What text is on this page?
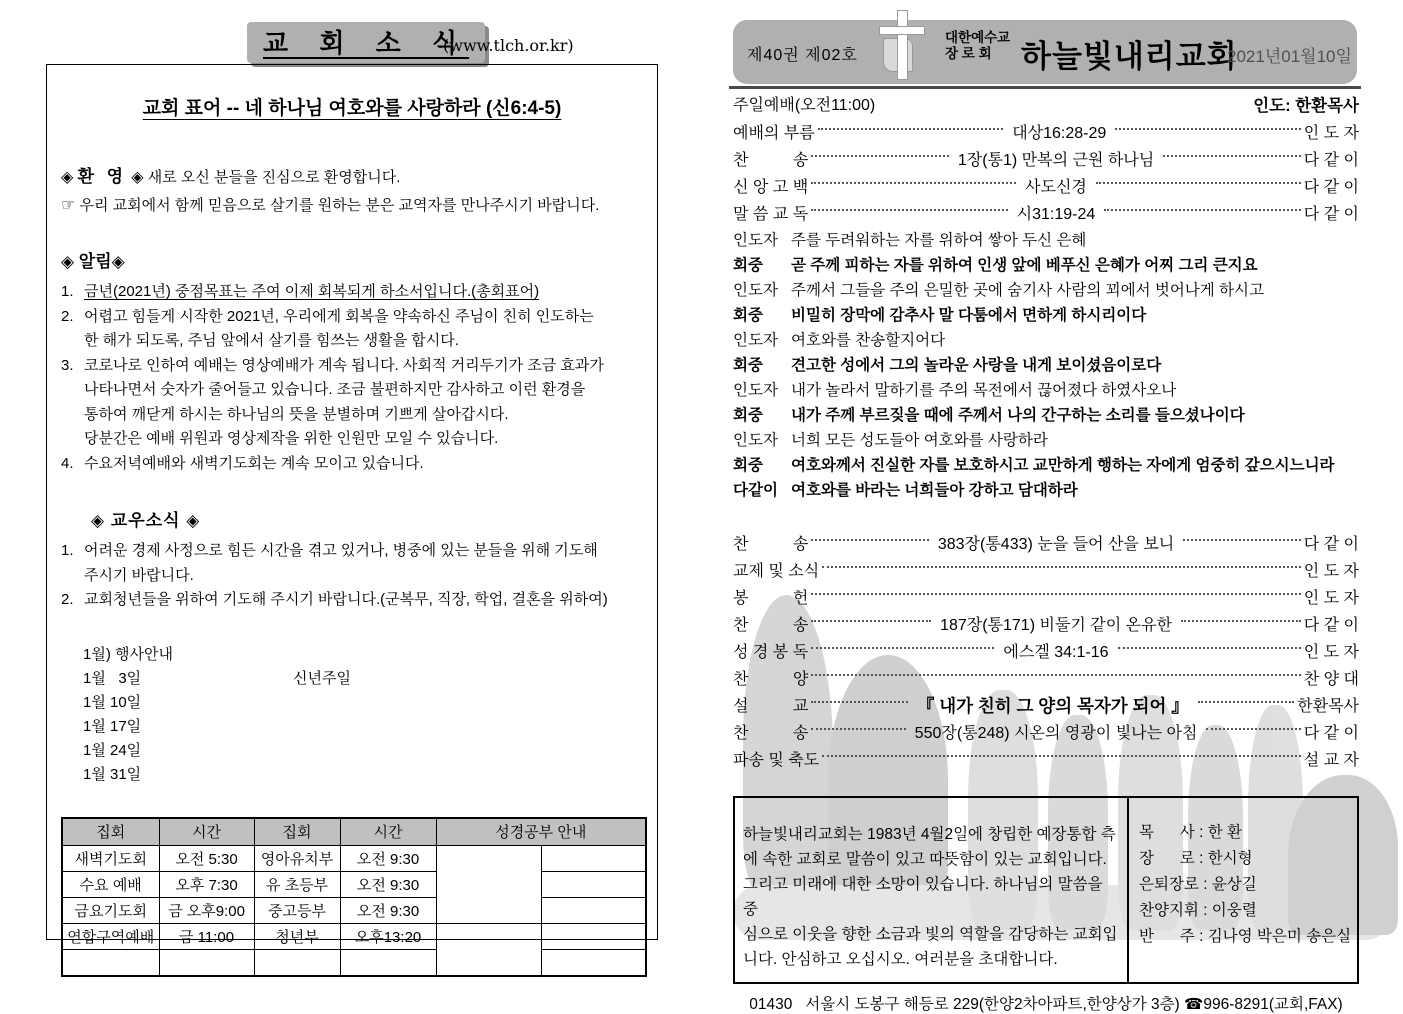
교 회 소 식
(www.tlch.or.kr)
교회 표어 -- 네 하나님 여호와를 사랑하라 (신6:4-5)
◈ 환 영 ◈ 새로 오신 분들을 진심으로 환영합니다.
☞ 우리 교회에서 함께 믿음으로 살기를 원하는 분은 교역자를 만나주시기 바랍니다.
◈ 알림◈
1. 금년(2021년) 중점목표는 주여 이제 회복되게 하소서입니다.(총회표어)
2. 어렵고 힘들게 시작한 2021년, 우리에게 회복을 약속하신 주님이 친히 인도하는
한 해가 되도록, 주님 앞에서 살기를 힘쓰는 생활을 합시다.
3. 코로나로 인하여 예배는 영상예배가 계속 됩니다. 사회적 거리두기가 조금 효과가
나타나면서 숫자가 줄어들고 있습니다. 조금 불편하지만 감사하고 이런 환경을
통하여 깨닫게 하시는 하나님의 뜻을 분별하며 기쁘게 살아갑시다.
당분간은 예배 위원과 영상제작을 위한 인원만 모일 수 있습니다.
4. 수요저녁예배와 새벽기도회는 계속 모이고 있습니다.
◈ 교우소식 ◈
1. 어려운 경제 사정으로 힘든 시간을 겪고 있거나, 병중에 있는 분들을 위해 기도해
주시기 바랍니다.
2. 교회청년들을 위하여 기도해 주시기 바랍니다.(군복무, 직장, 학업, 결혼을 위하여)
1월) 행사안내
1월   3일	신년주일
1월 10일
1월 17일
1월 24일
1월 31일
집회	시간	집회	시간	성경공부 안내	
새벽기도회	오전 5:30	영아유치부	오전 9:30		
수요 예배	오후 7:30	유 초등부	오전 9:30		
금요기도회	금 오후9:00	중고등부	오전 9:30		
연합구역예배	금 11:00	청년부	오후13:20		

제40권 제02호
대한예수교
장 로 회 하늘빛내리교회
2021년01월10일
주일예배(오전11:00)	인도: 한환목사
예배의 부름	대상16:28-29	인 도 자
찬          송	1장(통1) 만복의 근원 하나님	다 같 이
신 앙 고 백	사도신경	다 같 이
말 씀 교 독	시31:19-24	다 같 이
인도자 주를 두려워하는 자를 위하여 쌓아 두신 은혜
회중	곧 주께 피하는 자를 위하여 인생 앞에 베푸신 은혜가 어찌 그리 큰지요
인도자 주께서 그들을 주의 은밀한 곳에 숨기사 사람의 꾀에서 벗어나게 하시고
회중	비밀히 장막에 감추사 말 다툼에서 면하게 하시리이다
인도자 여호와를 찬송할지어다
회중	견고한 성에서 그의 놀라운 사랑을 내게 보이셨음이로다
인도자 내가 놀라서 말하기를 주의 목전에서 끊어졌다 하였사오나
회중	내가 주께 부르짖을 때에 주께서 나의 간구하는 소리를 들으셨나이다
인도자 너희 모든 성도들아 여호와를 사랑하라
회중	여호와께서 진실한 자를 보호하시고 교만하게 행하는 자에게 엄중히 갚으시느니라
다같이 여호와를 바라는 너희들아 강하고 담대하라
찬          송	383장(통433) 눈을 들어 산을 보니	다 같 이
교제 및 소식	인 도 자
봉          헌	인 도 자
찬          송	187장(통171) 비둘기 같이 온유한	다 같 이
성 경 봉 독	에스겔 34:1-16	인 도 자
찬          양	찬 양 대
설          교	『 내가 친히 그 양의 목자가 되어 』	한환목사
찬          송	550장(통248) 시온의 영광이 빛나는 아침	다 같 이
파송 및 축도	설 교 자
하늘빛내리교회는 1983년 4월2일에 창립한 예장통합 측
에 속한 교회로 말씀이 있고 따뜻함이 있는 교회입니다.
그리고 미래에 대한 소망이 있습니다. 하나님의 말씀을 중
심으로 이웃을 향한 소금과 빛의 역할을 감당하는 교회입
니다. 안심하고 오십시오. 여러분을 초대합니다.
목      사 : 한 환
장      로 : 한시형
은퇴장로 : 윤상길
찬양지휘 : 이웅렬
반      주 : 김나영 박은미 송은실
01430   서울시 도봉구 해등로 229(한양2차아파트,한양상가 3층) ☎996-8291(교회,FAX)
